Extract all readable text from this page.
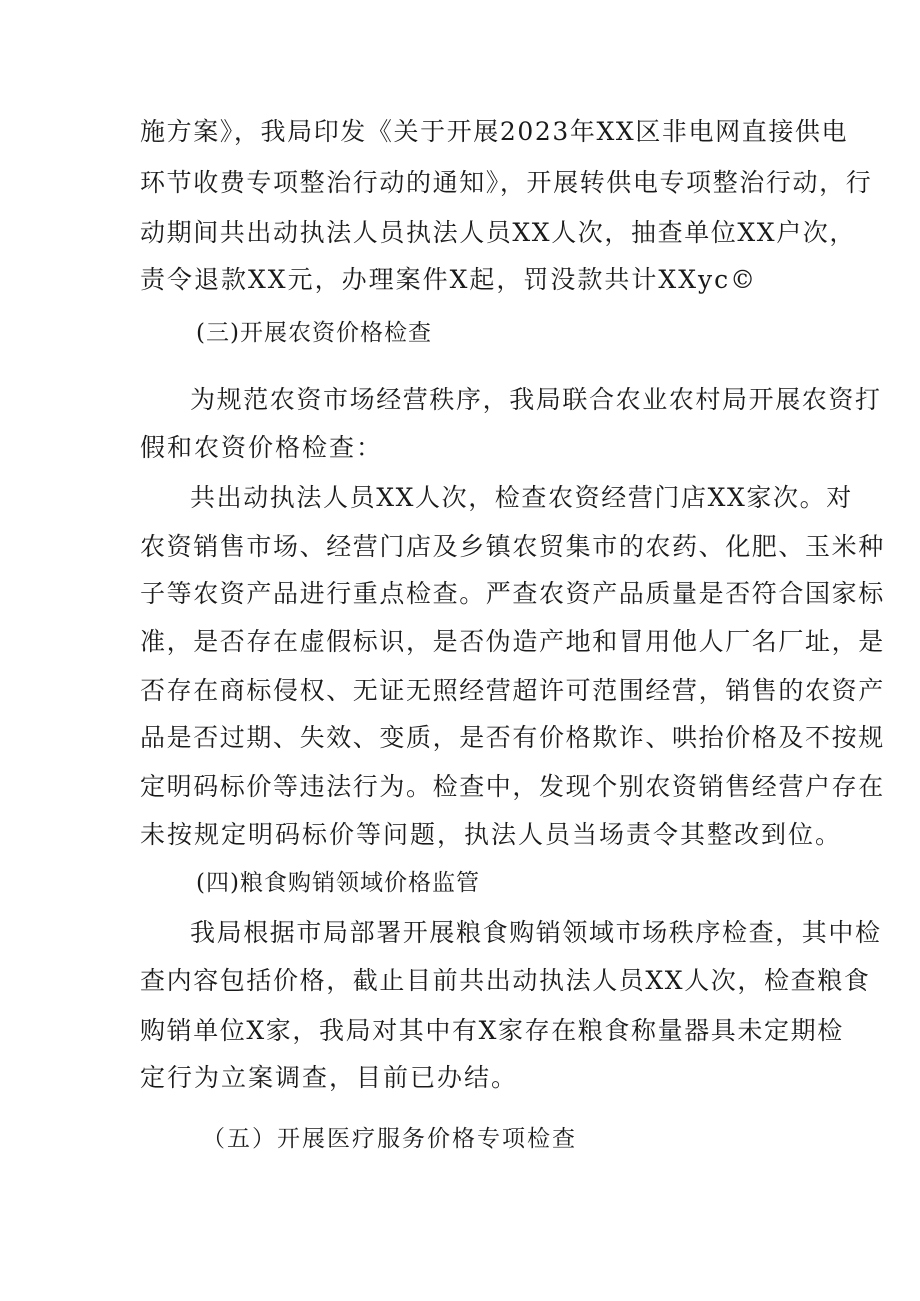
施方案》，我局印发《关于开展2023年XX区非电网直接供电
环节收费专项整治行动的通知》，开展转供电专项整治行动，行
动期间共出动执法人员执法人员XX人次，抽查单位XX户次，
责令退款XX元，办理案件X起，罚没款共计XXyc©
(三)开展农资价格检查
为规范农资市场经营秩序，我局联合农业农村局开展农资打
假和农资价格检查：
共出动执法人员XX人次，检查农资经营门店XX家次。对
农资销售市场、经营门店及乡镇农贸集市的农药、化肥、玉米种
子等农资产品进行重点检查。严查农资产品质量是否符合国家标
准，是否存在虚假标识，是否伪造产地和冒用他人厂名厂址，是
否存在商标侵权、无证无照经营超许可范围经营，销售的农资产
品是否过期、失效、变质，是否有价格欺诈、哄抬价格及不按规
定明码标价等违法行为。检查中，发现个别农资销售经营户存在
未按规定明码标价等问题，执法人员当场责令其整改到位。
(四)粮食购销领域价格监管
我局根据市局部署开展粮食购销领域市场秩序检查，其中检
查内容包括价格，截止目前共出动执法人员XX人次，检查粮食
购销单位X家，我局对其中有X家存在粮食称量器具未定期检
定行为立案调查，目前已办结。
（五）开展医疗服务价格专项检查
